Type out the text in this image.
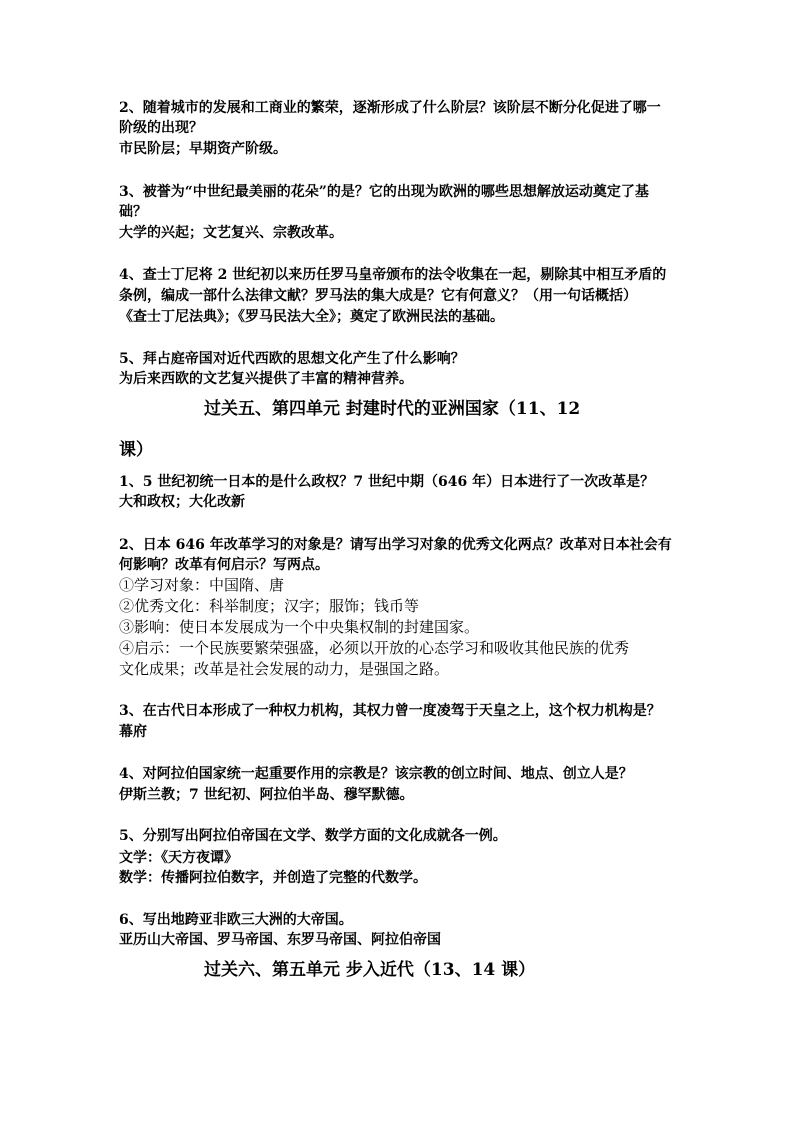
2、随着城市的发展和工商业的繁荣，逐渐形成了什么阶层？该阶层不断分化促进了哪一
阶级的出现？
市民阶层；早期资产阶级。
3、被誉为“中世纪最美丽的花朵”的是？它的出现为欧洲的哪些思想解放运动奠定了基
础？
大学的兴起；文艺复兴、宗教改革。
4、查士丁尼将 2 世纪初以来历任罗马皇帝颁布的法令收集在一起，剔除其中相互矛盾的
条例，编成一部什么法律文献？罗马法的集大成是？它有何意义？（用一句话概括）
《查士丁尼法典》；《罗马民法大全》；奠定了欧洲民法的基础。
5、拜占庭帝国对近代西欧的思想文化产生了什么影响？
为后来西欧的文艺复兴提供了丰富的精神营养。
过关五、第四单元 封建时代的亚洲国家（11、12
课）
1、5 世纪初统一日本的是什么政权？7 世纪中期（646 年）日本进行了一次改革是？
大和政权；大化改新
2、日本 646 年改革学习的对象是？请写出学习对象的优秀文化两点？改革对日本社会有
何影响？改革有何启示？写两点。
①学习对象：中国隋、唐
②优秀文化：科举制度；汉字；服饰；钱币等
③影响：使日本发展成为一个中央集权制的封建国家。
④启示：一个民族要繁荣强盛，必须以开放的心态学习和吸收其他民族的优秀
文化成果；改革是社会发展的动力，是强国之路。
3、在古代日本形成了一种权力机构，其权力曾一度凌驾于天皇之上，这个权力机构是？
幕府
4、对阿拉伯国家统一起重要作用的宗教是？该宗教的创立时间、地点、创立人是？
伊斯兰教；7 世纪初、阿拉伯半岛、穆罕默德。
5、分别写出阿拉伯帝国在文学、数学方面的文化成就各一例。
文学：《天方夜谭》
数学：传播阿拉伯数字，并创造了完整的代数学。
6、写出地跨亚非欧三大洲的大帝国。
亚历山大帝国、罗马帝国、东罗马帝国、阿拉伯帝国
过关六、第五单元 步入近代（13、14 课）
